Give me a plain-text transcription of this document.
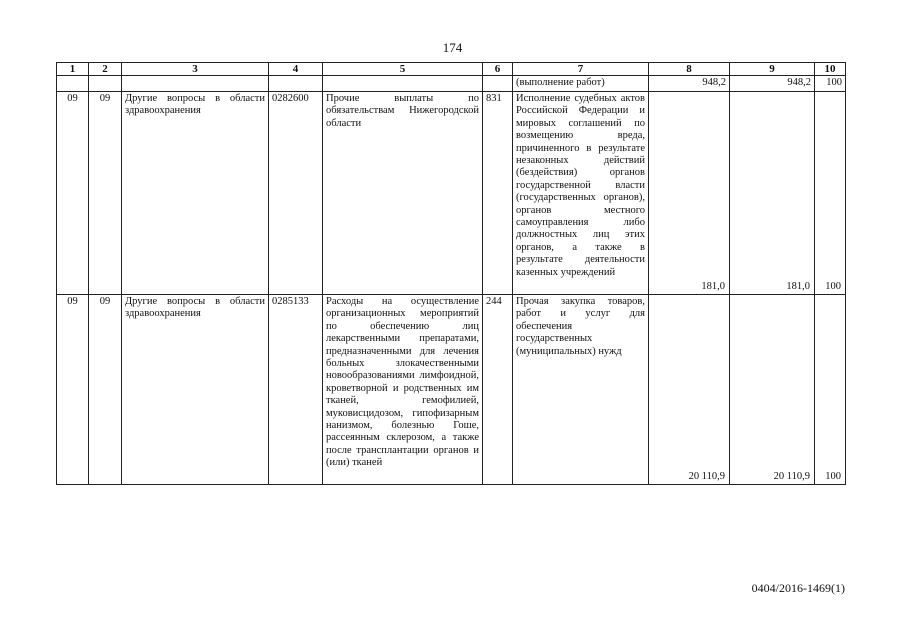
174
1	2	3	4	5	6	7	8	9	10
						(выполнение работ)	948,2	948,2	100
09	09	Другие вопросы в области здравоохранения	0282600	Прочие выплаты по обязательствам Нижегородской области	831	Исполнение судебных актов Российской Федерации и мировых соглашений по возмещению вреда, причиненного в результате незаконных действий (бездействия) органов государственной власти (государственных органов), органов местного самоуправления либо должностных лиц этих органов, а также в результате деятельности казенных учреждений	181,0	181,0	100

09	09	Другие вопросы в области здравоохранения	0285133	Расходы на осуществление организационных мероприятий по обеспечению лиц лекарственными препаратами, предназначенными для лечения больных злокачественными новообразованиями лимфоидной, кроветворной и родственных им тканей, гемофилией, муковисцидозом, гипофизарным нанизмом, болезнью Гоше, рассеянным склерозом, а также после трансплантации органов и (или) тканей	244	Прочая закупка товаров, работ и услуг для обеспечения государственных (муниципальных) нужд	20 110,9	20 110,9	100
0404/2016-1469(1)
